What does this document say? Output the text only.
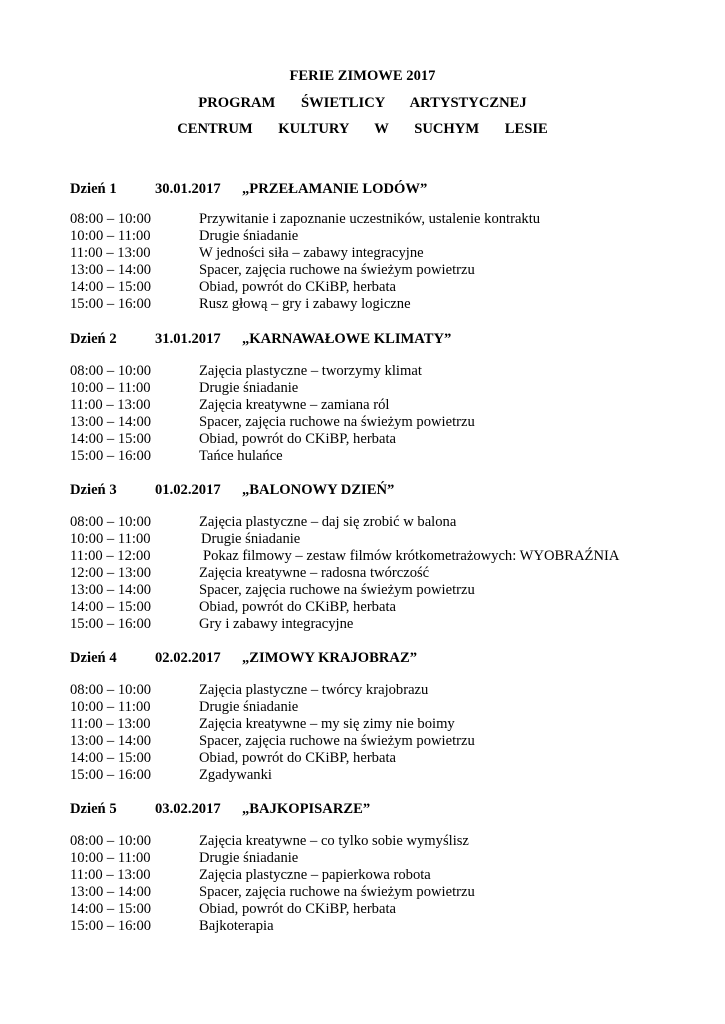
FERIE ZIMOWE 2017
PROGRAM ŚWIETLICY ARTYSTYCZNEJ
CENTRUM KULTURY W SUCHYM LESIE
Dzień 1	30.01.2017 „PRZEŁAMANIE LODÓW”
08:00 – 10:00	Przywitanie i zapoznanie uczestników, ustalenie kontraktu
10:00 – 11:00	Drugie śniadanie
11:00 – 13:00	W jedności siła – zabawy integracyjne
13:00 – 14:00	Spacer, zajęcia ruchowe na świeżym powietrzu
14:00 – 15:00	Obiad, powrót do CKiBP, herbata
15:00 – 16:00	Rusz głową – gry i zabawy logiczne
Dzień 2	31.01.2017 „KARNAWAŁOWE KLIMATY”
08:00 – 10:00	Zajęcia plastyczne – tworzymy klimat
10:00 – 11:00	Drugie śniadanie
11:00 – 13:00	Zajęcia kreatywne – zamiana ról
13:00 – 14:00	Spacer, zajęcia ruchowe na świeżym powietrzu
14:00 – 15:00	Obiad, powrót do CKiBP, herbata
15:00 – 16:00	Tańce hulańce
Dzień 3	01.02.2017 „BALONOWY DZIEŃ”
08:00 – 10:00	Zajęcia plastyczne – daj się zrobić w balona
10:00 – 11:00	Drugie śniadanie
11:00 – 12:00	Pokaz filmowy – zestaw filmów krótkometrażowych: WYOBRAŹNIA
12:00 – 13:00	Zajęcia kreatywne – radosna twórczość
13:00 – 14:00	Spacer, zajęcia ruchowe na świeżym powietrzu
14:00 – 15:00	Obiad, powrót do CKiBP, herbata
15:00 – 16:00	Gry i zabawy integracyjne
Dzień 4	02.02.2017 „ZIMOWY KRAJOBRAZ”
08:00 – 10:00	Zajęcia plastyczne – twórcy krajobrazu
10:00 – 11:00	Drugie śniadanie
11:00 – 13:00	Zajęcia kreatywne – my się zimy nie boimy
13:00 – 14:00	Spacer, zajęcia ruchowe na świeżym powietrzu
14:00 – 15:00	Obiad, powrót do CKiBP, herbata
15:00 – 16:00	Zgadywanki
Dzień 5	03.02.2017 „BAJKOPISARZE”
08:00 – 10:00	Zajęcia kreatywne – co tylko sobie wymyślisz
10:00 – 11:00	Drugie śniadanie
11:00 – 13:00	Zajęcia plastyczne – papierkowa robota
13:00 – 14:00	Spacer, zajęcia ruchowe na świeżym powietrzu
14:00 – 15:00	Obiad, powrót do CKiBP, herbata
15:00 – 16:00	Bajkoterapia
